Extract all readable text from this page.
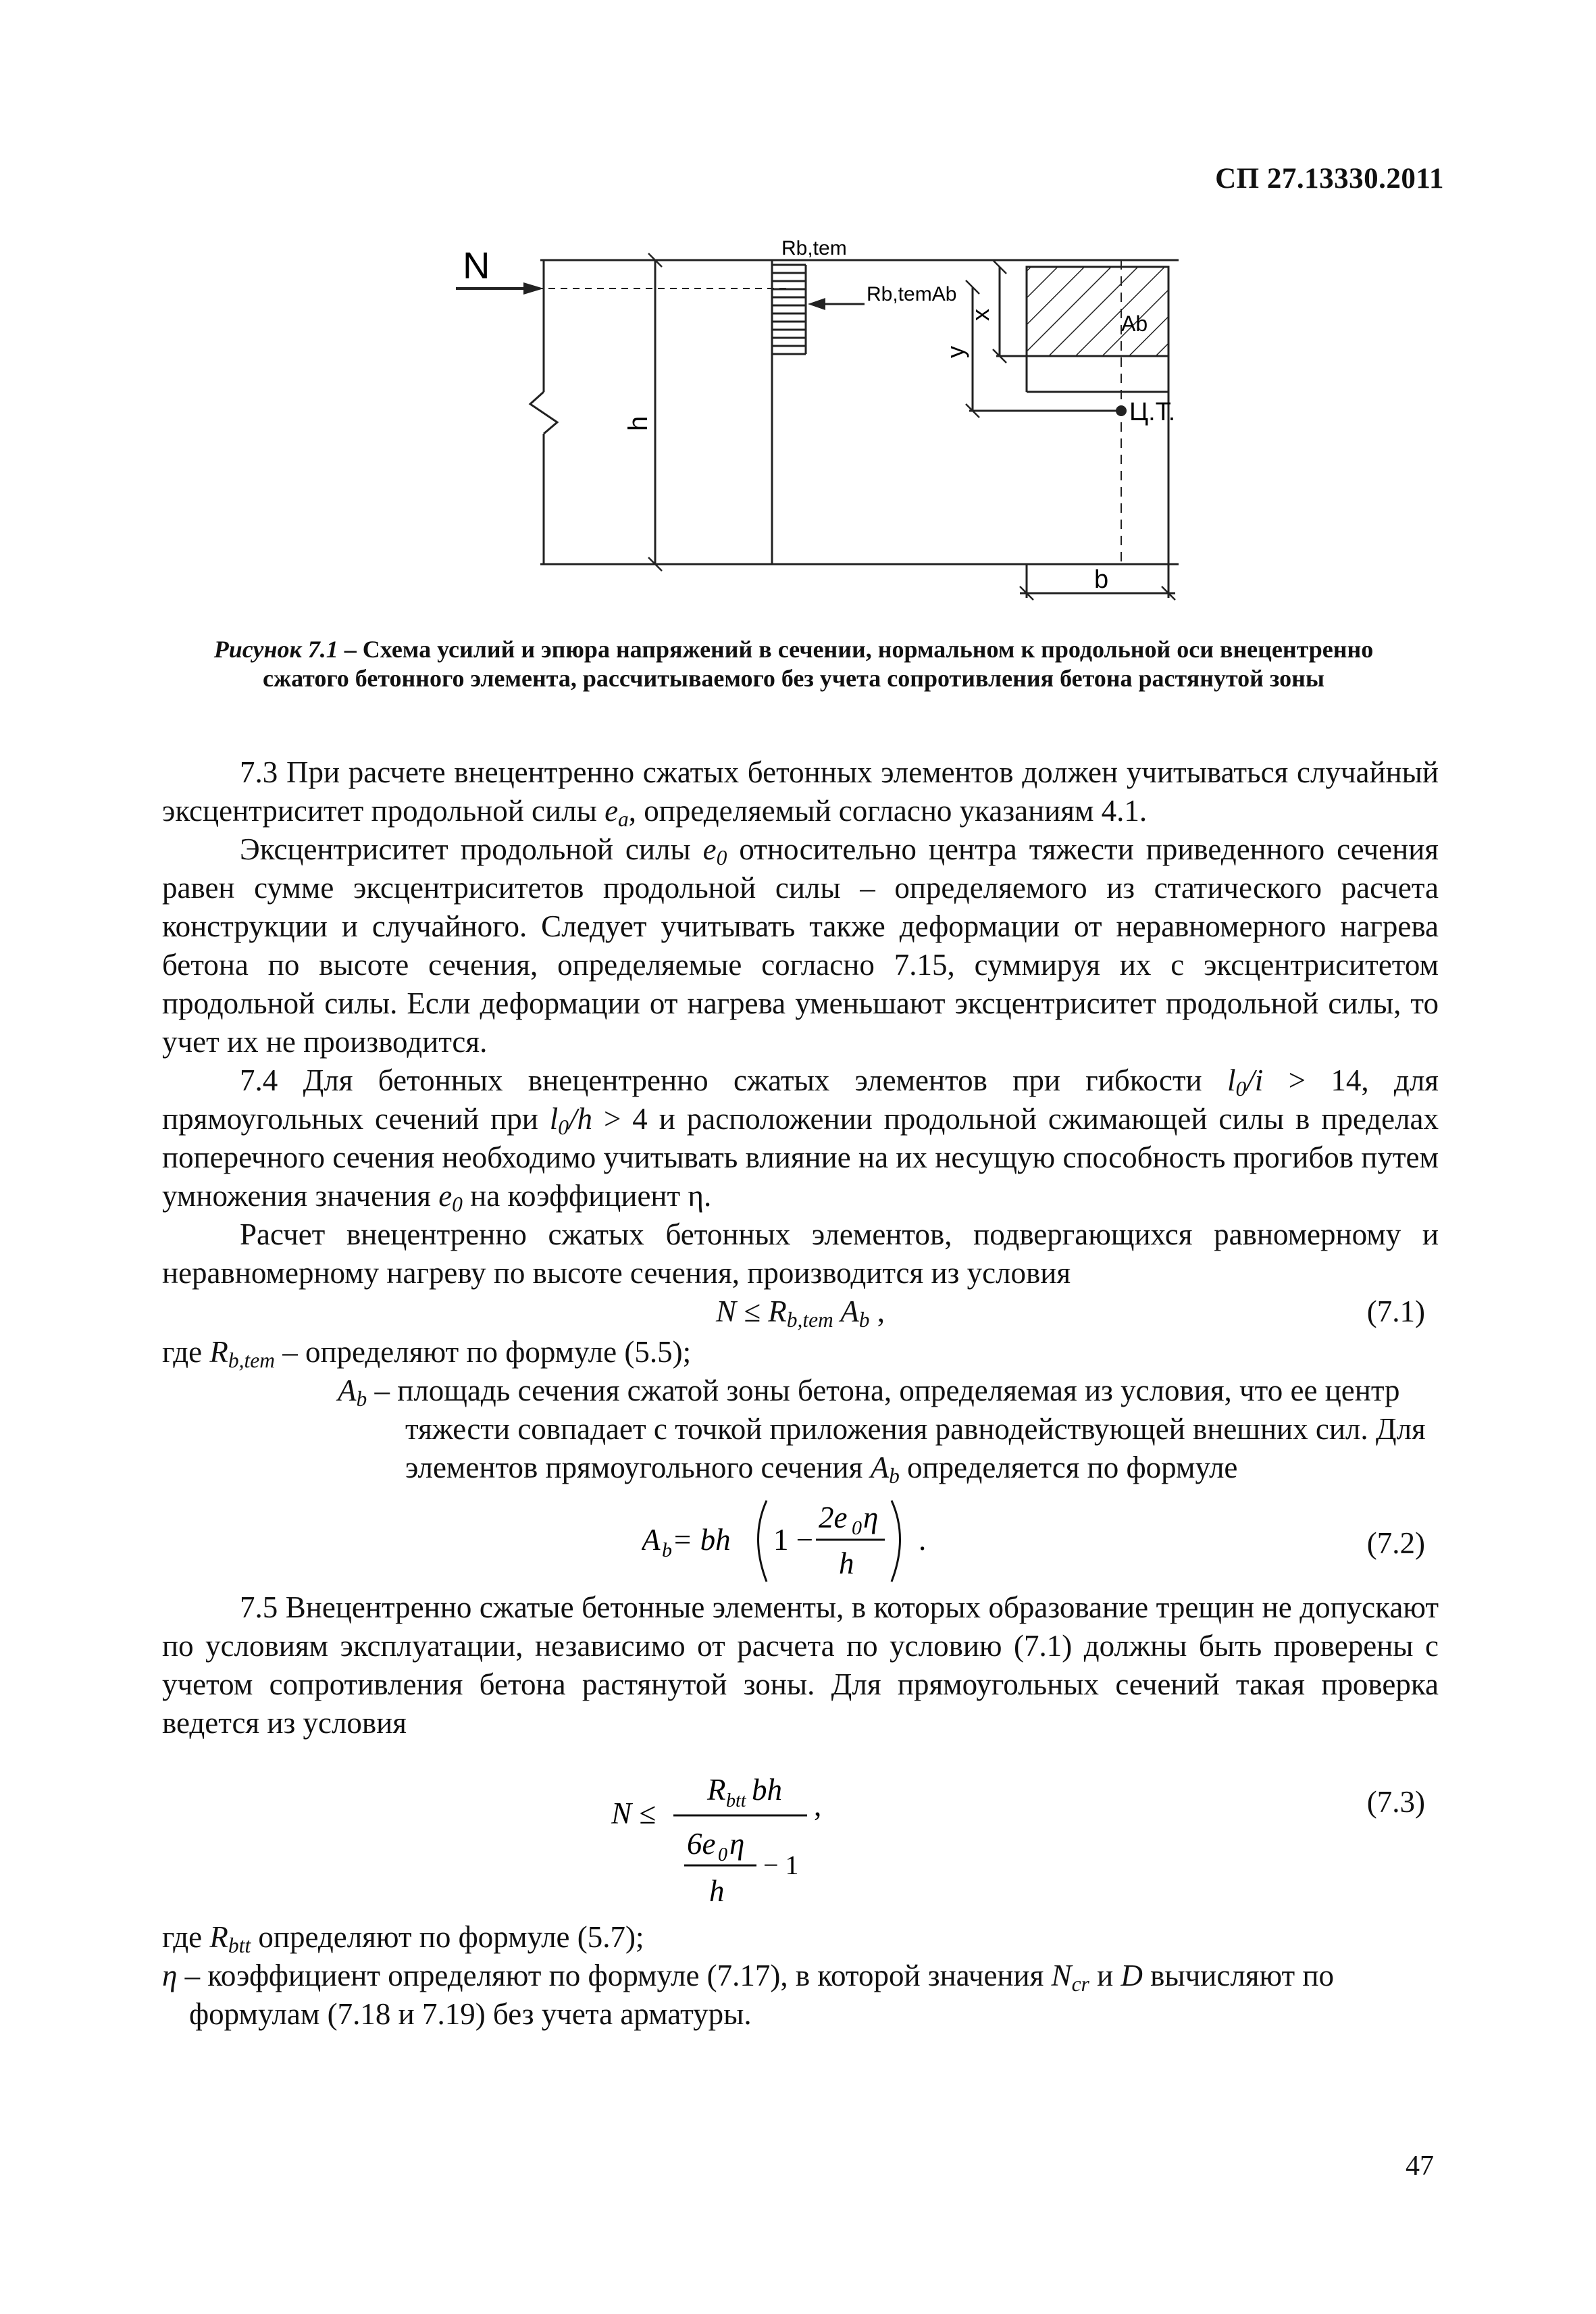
СП 27.13330.2011
N	Rb,tem
Rb,temAb
Ab
x
y
h	Ц.Т.
b
Рисунок 7.1 – Схема усилий и эпюра напряжений в сечении, нормальном к продольной оси внецентренно сжатого бетонного элемента, рассчитываемого без учета сопротивления бетона растянутой зоны

7.3 При расчете внецентренно сжатых бетонных элементов должен учитываться случайный эксцентриситет продольной силы $e_a$, определяемый согласно указаниям 4.1.

Эксцентриситет продольной силы $e_0$ относительно центра тяжести приведенного сечения равен сумме эксцентриситетов продольной силы – определяемого из статического расчета конструкции и случайного. Следует учитывать также деформации от неравномерного нагрева бетона по высоте сечения, определяемые согласно 7.15, суммируя их с эксцентриситетом продольной силы. Если деформации от нагрева уменьшают эксцентриситет продольной силы, то учет их не производится.

7.4 Для бетонных внецентренно сжатых элементов при гибкости $l_0/i > 14$, для прямоугольных сечений при $l_0/h > 4$ и расположении продольной сжимающей силы в пределах поперечного сечения необходимо учитывать влияние на их несущую способность прогибов путем умножения значения $e_0$ на коэффициент η.

Расчет внецентренно сжатых бетонных элементов, подвергающихся равномерному и неравномерному нагреву по высоте сечения, производится из условия

$N \le R_{b,tem}$ $A_b$ ,	(7.1)

где $R_{b,tem}$ – определяют по формуле (5.5);

$A_b$ – площадь сечения сжатой зоны бетона, определяемая из условия, что ее центр тяжести совпадает с точкой приложения равнодействующей внешних сил. Для элементов прямоугольного сечения $A_b$ определяется по формуле

A b = bh 1 −
2e 0 η
h
.	(7.2)

7.5 Внецентренно сжатые бетонные элементы, в которых образование трещин не допускают по условиям эксплуатации, независимо от расчета по условию (7.1) должны быть проверены с учетом сопротивления бетона растянутой зоны. Для прямоугольных сечений такая проверка ведется из условия

N ≤
R btt bh
6e 0 η
− 1
h
,	(7.3)

где $R_{btt}$ определяют по формуле (5.7);

η – коэффициент определяют по формуле (7.17), в которой значения $N_{cr}$ и D вычисляют по формулам (7.18 и 7.19) без учета арматуры.

47
